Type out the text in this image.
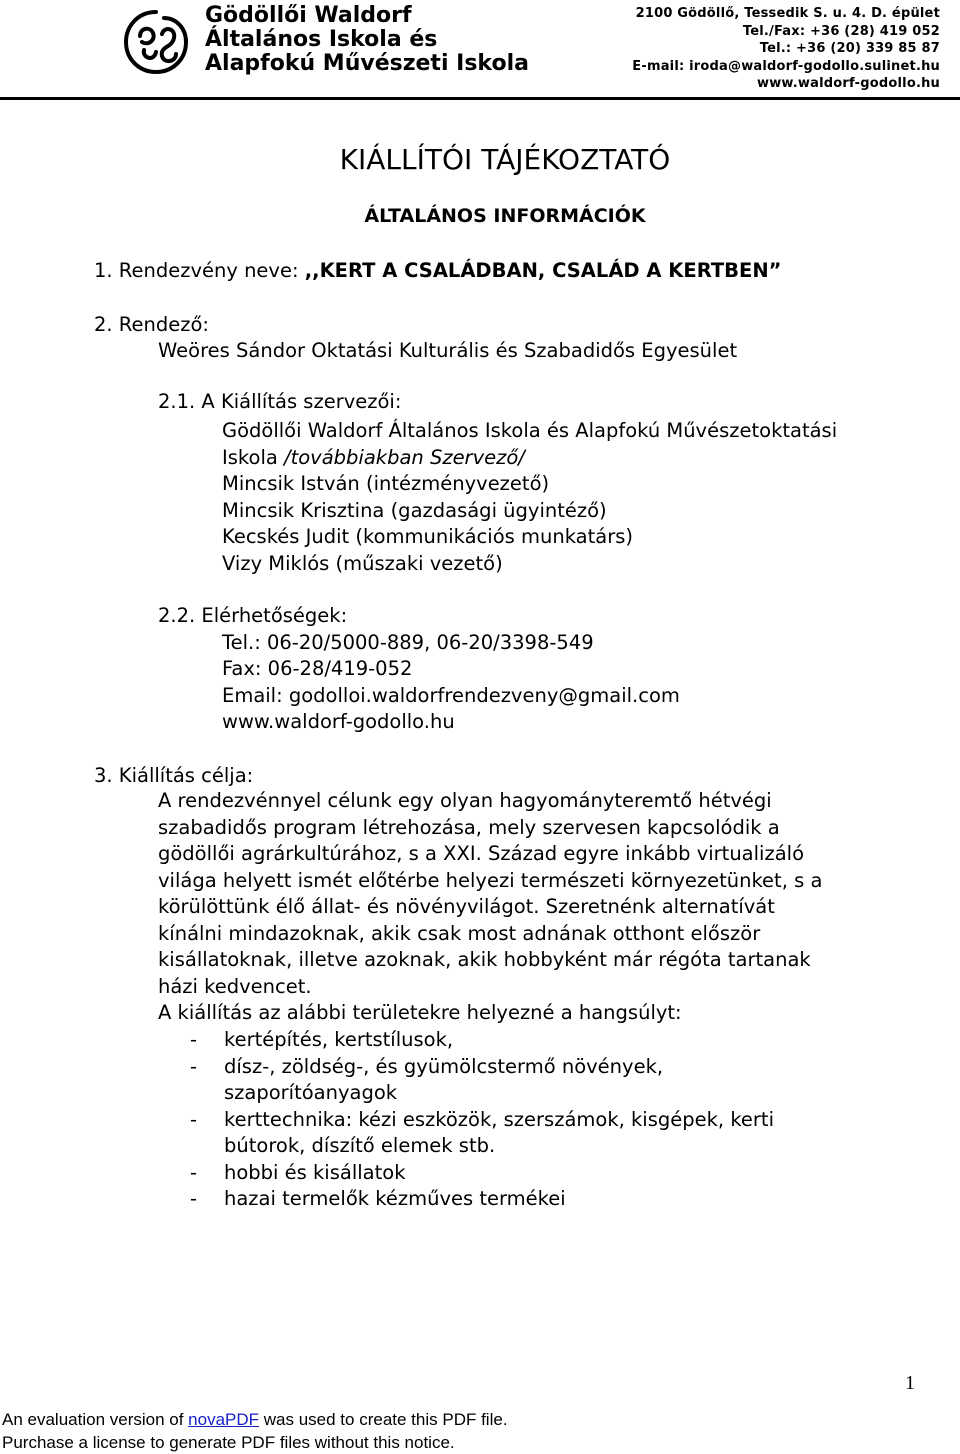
Gödöllői Waldorf
Általános Iskola és
Alapfokú Művészeti Iskola
2100 Gödöllő, Tessedik S. u. 4. D. épület
Tel./Fax: +36 (28) 419 052
Tel.: +36 (20) 339 85 87
E-mail: iroda@waldorf-godollo.sulinet.hu
www.waldorf-godollo.hu
KIÁLLÍTÓI TÁJÉKOZTATÓ
ÁLTALÁNOS INFORMÁCIÓK
1. Rendezvény neve: ,,KERT A CSALÁDBAN, CSALÁD A KERTBEN”
2. Rendező:
Weöres Sándor Oktatási Kulturális és Szabadidős Egyesület
2.1. A Kiállítás szervezői:
Gödöllői Waldorf Általános Iskola és Alapfokú Művészetoktatási
Iskola /továbbiakban Szervező/
Mincsik István (intézményvezető)
Mincsik Krisztina (gazdasági ügyintéző)
Kecskés Judit (kommunikációs munkatárs)
Vizy Miklós (műszaki vezető)
2.2. Elérhetőségek:
Tel.: 06-20/5000-889, 06-20/3398-549
Fax: 06-28/419-052
Email: godolloi.waldorfrendezveny@gmail.com
www.waldorf-godollo.hu
3. Kiállítás célja:
A rendezvénnyel célunk egy olyan hagyományteremtő hétvégi
szabadidős program létrehozása, mely szervesen kapcsolódik a
gödöllői agrárkultúrához, s a XXI. Század egyre inkább virtualizáló
világa helyett ismét előtérbe helyezi természeti környezetünket, s a
körülöttünk élő állat- és növényvilágot. Szeretnénk alternatívát
kínálni mindazoknak, akik csak most adnának otthont először
kisállatoknak, illetve azoknak, akik hobbyként már régóta tartanak
házi kedvencet.
A kiállítás az alábbi területekre helyezné a hangsúlyt:
-	kertépítés, kertstílusok,
-	dísz-, zöldség-, és gyümölcstermő növények,
szaporítóanyagok
-	kerttechnika: kézi eszközök, szerszámok, kisgépek, kerti
bútorok, díszítő elemek stb.
-	hobbi és kisállatok
-	hazai termelők kézműves termékei
1
An evaluation version of novaPDF was used to create this PDF file.
Purchase a license to generate PDF files without this notice.
